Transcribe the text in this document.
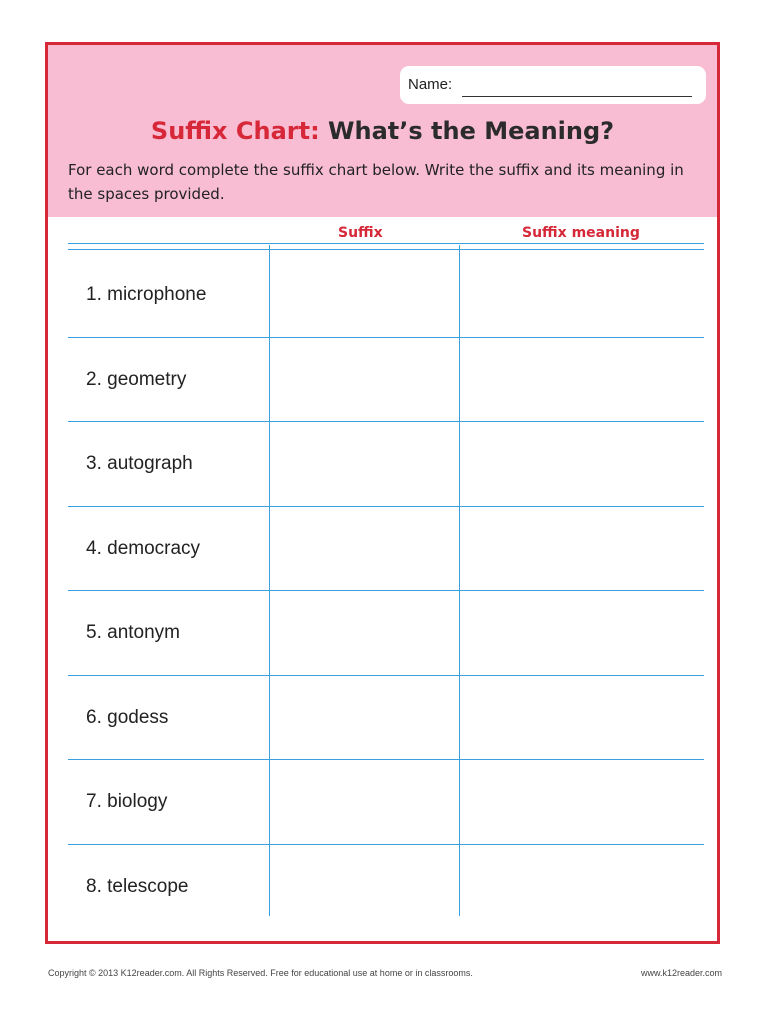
Name:
Suffix Chart: What’s the Meaning?
For each word complete the suffix chart below. Write the suffix and its meaning in the spaces provided.
Suffix	Suffix meaning
1. microphone
2. geometry
3. autograph
4. democracy
5. antonym
6. godess
7. biology
8. telescope
Copyright © 2013 K12reader.com. All Rights Reserved. Free for educational use at home or in classrooms.	www.k12reader.com
